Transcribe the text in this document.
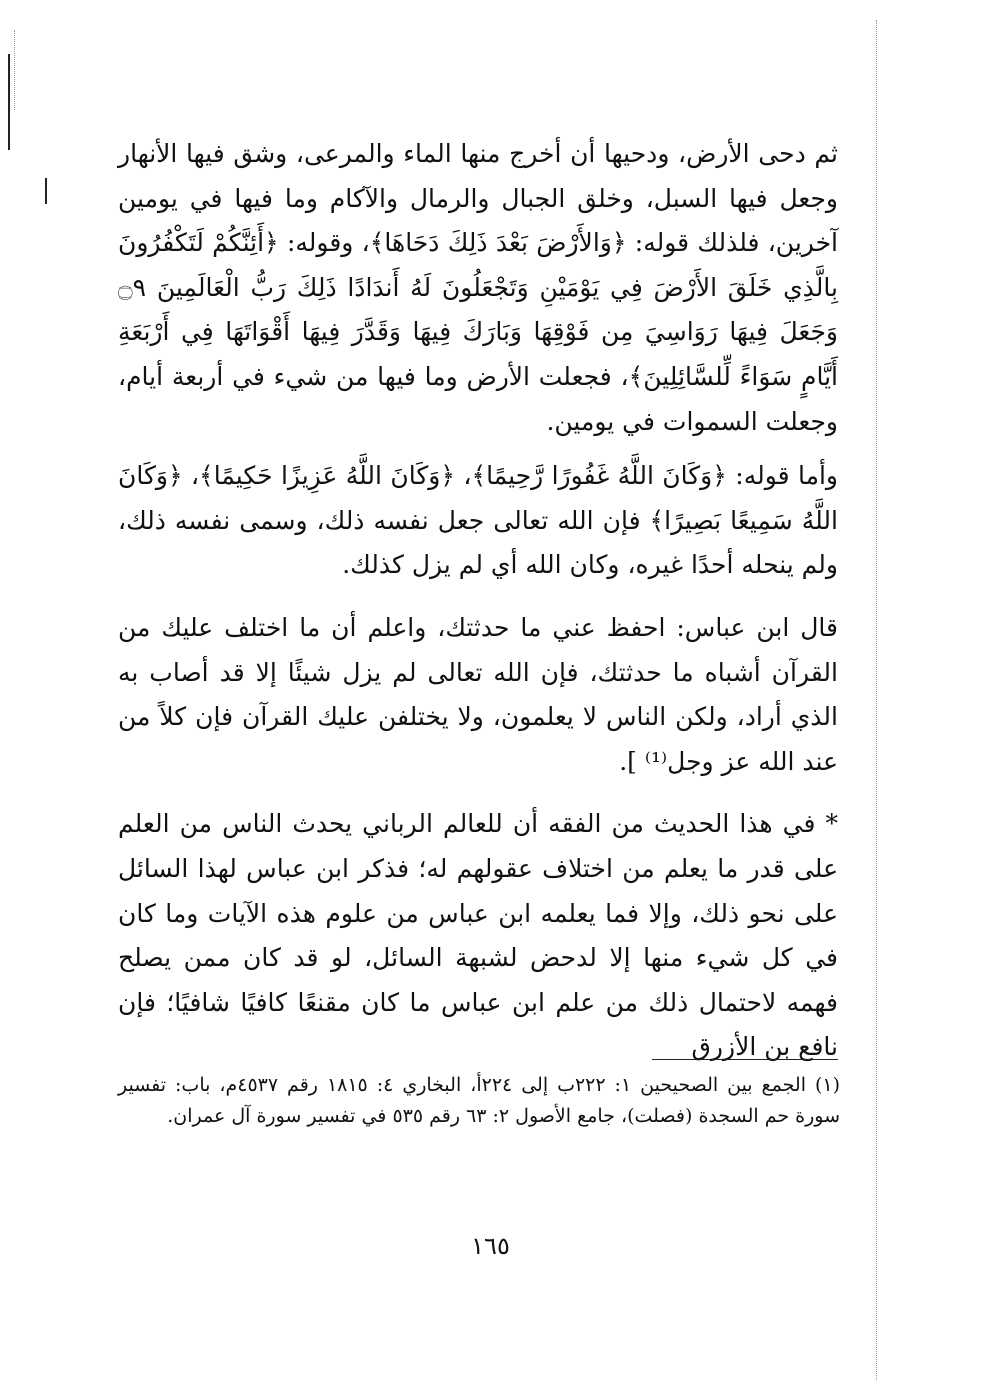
ثم دحى الأرض، ودحيها أن أخرج منها الماء والمرعى، وشق فيها الأنهار وجعل فيها السبل، وخلق الجبال والرمال والآكام وما فيها في يومين آخرين، فلذلك قوله: ﴿وَالأَرْضَ بَعْدَ ذَلِكَ دَحَاهَا﴾، وقوله: ﴿أَئِنَّكُمْ لَتَكْفُرُونَ بِالَّذِي خَلَقَ الأَرْضَ فِي يَوْمَيْنِ وَتَجْعَلُونَ لَهُ أَندَادًا ذَلِكَ رَبُّ الْعَالَمِينَ ۝٩ وَجَعَلَ فِيهَا رَوَاسِيَ مِن فَوْقِهَا وَبَارَكَ فِيهَا وَقَدَّرَ فِيهَا أَقْوَاتَهَا فِي أَرْبَعَةِ أَيَّامٍ سَوَاءً لِّلسَّائِلِينَ﴾، فجعلت الأرض وما فيها من شيء في أربعة أيام، وجعلت السموات في يومين.

وأما قوله: ﴿وَكَانَ اللَّهُ غَفُورًا رَّحِيمًا﴾، ﴿وَكَانَ اللَّهُ عَزِيزًا حَكِيمًا﴾، ﴿وَكَانَ اللَّهُ سَمِيعًا بَصِيرًا﴾ فإن الله تعالى جعل نفسه ذلك، وسمى نفسه ذلك، ولم ينحله أحدًا غيره، وكان الله أي لم يزل كذلك.

قال ابن عباس: احفظ عني ما حدثتك، واعلم أن ما اختلف عليك من القرآن أشباه ما حدثتك، فإن الله تعالى لم يزل شيئًا إلا قد أصاب به الذي أراد، ولكن الناس لا يعلمون، ولا يختلفن عليك القرآن فإن كلاً من عند الله عز وجل⁽¹⁾ ].

* في هذا الحديث من الفقه أن للعالم الرباني يحدث الناس من العلم على قدر ما يعلم من اختلاف عقولهم له؛ فذكر ابن عباس لهذا السائل على نحو ذلك، وإلا فما يعلمه ابن عباس من علوم هذه الآيات وما كان في كل شيء منها إلا لدحض لشبهة السائل، لو قد كان ممن يصلح فهمه لاحتمال ذلك من علم ابن عباس ما كان مقنعًا كافيًا شافيًا؛ فإن نافع بن الأزرق

(١) الجمع بين الصحيحين ١: ٢٢٢ب إلى ٢٢٤أ، البخاري ٤: ١٨١٥ رقم ٤٥٣٧م، باب: تفسير سورة حم السجدة (فصلت)، جامع الأصول ٢: ٦٣ رقم ٥٣٥ في تفسير سورة آل عمران.

١٦٥
